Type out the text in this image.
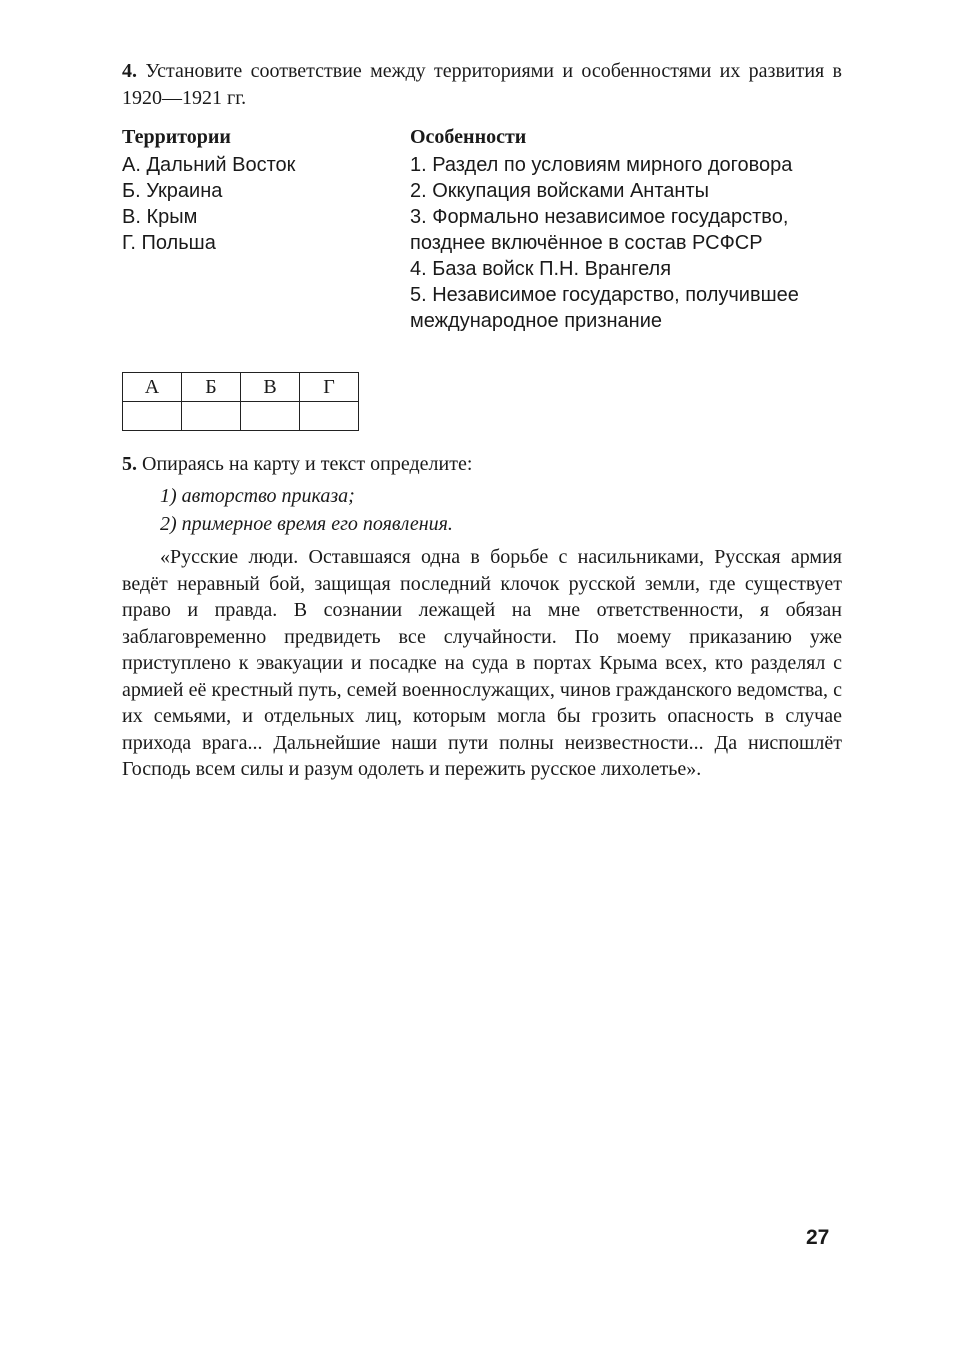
4. Установите соответствие между территориями и особенностями их развития в 1920—1921 гг.

Территории

А. Дальний Восток
Б. Украина
В. Крым
Г. Польша

Особенности

1. Раздел по условиям мирного договора
2. Оккупация войсками Антанты
3. Формально независимое государство, позднее включённое в состав РСФСР
4. База войск П.Н. Врангеля
5. Независимое государство, получившее международное признание
А	Б	В	Г

5. Опираясь на карту и текст определите:

1) авторство приказа;
2) примерное время его появления.

«Русские люди. Оставшаяся одна в борьбе с насильниками, Русская армия ведёт неравный бой, защищая последний клочок русской земли, где существует право и правда. В сознании лежащей на мне ответственности, я обязан заблаговременно предвидеть все случайности. По моему приказанию уже приступлено к эвакуации и посадке на суда в портах Крыма всех, кто разделял с армией её крестный путь, семей военнослужащих, чинов гражданского ведомства, с их семьями, и отдельных лиц, которым могла бы грозить опасность в случае прихода врага... Дальнейшие наши пути полны неизвестности... Да ниспошлёт Господь всем силы и разум одолеть и пережить русское лихолетье».

27
